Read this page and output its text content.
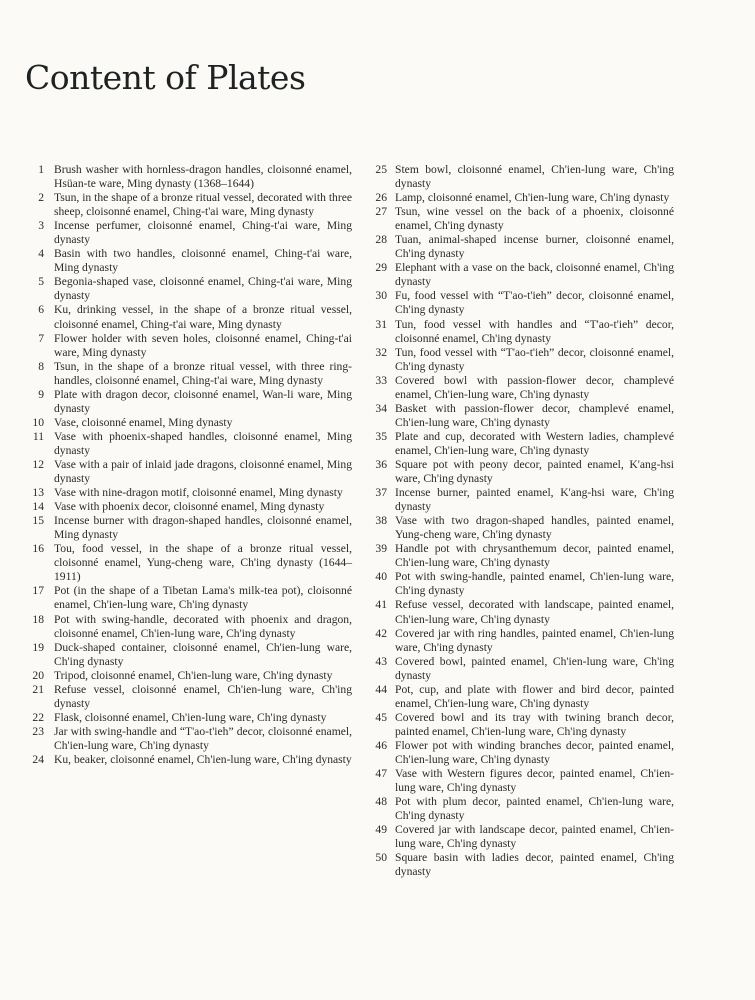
Content of Plates
1 Brush washer with hornless-dragon handles, cloisonné enamel, Hsüan-te ware, Ming dynasty (1368–1644)
2 Tsun, in the shape of a bronze ritual vessel, decorated with three sheep, cloisonné enamel, Ching-t'ai ware, Ming dynasty
3 Incense perfumer, cloisonné enamel, Ching-t'ai ware, Ming dynasty
4 Basin with two handles, cloisonné enamel, Ching-t'ai ware, Ming dynasty
5 Begonia-shaped vase, cloisonné enamel, Ching-t'ai ware, Ming dynasty
6 Ku, drinking vessel, in the shape of a bronze ritual vessel, cloisonné enamel, Ching-t'ai ware, Ming dynasty
7 Flower holder with seven holes, cloisonné enamel, Ching-t'ai ware, Ming dynasty
8 Tsun, in the shape of a bronze ritual vessel, with three ring-handles, cloisonné enamel, Ching-t'ai ware, Ming dynasty
9 Plate with dragon decor, cloisonné enamel, Wan-li ware, Ming dynasty
10 Vase, cloisonné enamel, Ming dynasty
11 Vase with phoenix-shaped handles, cloisonné enamel, Ming dynasty
12 Vase with a pair of inlaid jade dragons, cloisonné enamel, Ming dynasty
13 Vase with nine-dragon motif, cloisonné enamel, Ming dynasty
14 Vase with phoenix decor, cloisonné enamel, Ming dynasty
15 Incense burner with dragon-shaped handles, cloisonné enamel, Ming dynasty
16 Tou, food vessel, in the shape of a bronze ritual vessel, cloisonné enamel, Yung-cheng ware, Ch'ing dynasty (1644–1911)
17 Pot (in the shape of a Tibetan Lama's milk-tea pot), cloisonné enamel, Ch'ien-lung ware, Ch'ing dynasty
18 Pot with swing-handle, decorated with phoenix and dragon, cloisonné enamel, Ch'ien-lung ware, Ch'ing dynasty
19 Duck-shaped container, cloisonné enamel, Ch'ien-lung ware, Ch'ing dynasty
20 Tripod, cloisonné enamel, Ch'ien-lung ware, Ch'ing dynasty
21 Refuse vessel, cloisonné enamel, Ch'ien-lung ware, Ch'ing dynasty
22 Flask, cloisonné enamel, Ch'ien-lung ware, Ch'ing dynasty
23 Jar with swing-handle and “T'ao-t'ieh” decor, cloisonné enamel, Ch'ien-lung ware, Ch'ing dynasty
24 Ku, beaker, cloisonné enamel, Ch'ien-lung ware, Ch'ing dynasty
25 Stem bowl, cloisonné enamel, Ch'ien-lung ware, Ch'ing dynasty
26 Lamp, cloisonné enamel, Ch'ien-lung ware, Ch'ing dynasty
27 Tsun, wine vessel on the back of a phoenix, cloisonné enamel, Ch'ing dynasty
28 Tuan, animal-shaped incense burner, cloisonné enamel, Ch'ing dynasty
29 Elephant with a vase on the back, cloisonné enamel, Ch'ing dynasty
30 Fu, food vessel with “T'ao-t'ieh” decor, cloisonné enamel, Ch'ing dynasty
31 Tun, food vessel with handles and “T'ao-t'ieh” decor, cloisonné enamel, Ch'ing dynasty
32 Tun, food vessel with “T'ao-t'ieh” decor, cloisonné enamel, Ch'ing dynasty
33 Covered bowl with passion-flower decor, champlevé enamel, Ch'ien-lung ware, Ch'ing dynasty
34 Basket with passion-flower decor, champlevé enamel, Ch'ien-lung ware, Ch'ing dynasty
35 Plate and cup, decorated with Western ladies, champlevé enamel, Ch'ien-lung ware, Ch'ing dynasty
36 Square pot with peony decor, painted enamel, K'ang-hsi ware, Ch'ing dynasty
37 Incense burner, painted enamel, K'ang-hsi ware, Ch'ing dynasty
38 Vase with two dragon-shaped handles, painted enamel, Yung-cheng ware, Ch'ing dynasty
39 Handle pot with chrysanthemum decor, painted enamel, Ch'ien-lung ware, Ch'ing dynasty
40 Pot with swing-handle, painted enamel, Ch'ien-lung ware, Ch'ing dynasty
41 Refuse vessel, decorated with landscape, painted enamel, Ch'ien-lung ware, Ch'ing dynasty
42 Covered jar with ring handles, painted enamel, Ch'ien-lung ware, Ch'ing dynasty
43 Covered bowl, painted enamel, Ch'ien-lung ware, Ch'ing dynasty
44 Pot, cup, and plate with flower and bird decor, painted enamel, Ch'ien-lung ware, Ch'ing dynasty
45 Covered bowl and its tray with twining branch decor, painted enamel, Ch'ien-lung ware, Ch'ing dynasty
46 Flower pot with winding branches decor, painted enamel, Ch'ien-lung ware, Ch'ing dynasty
47 Vase with Western figures decor, painted enamel, Ch'ien-lung ware, Ch'ing dynasty
48 Pot with plum decor, painted enamel, Ch'ien-lung ware, Ch'ing dynasty
49 Covered jar with landscape decor, painted enamel, Ch'ien-lung ware, Ch'ing dynasty
50 Square basin with ladies decor, painted enamel, Ch'ing dynasty
